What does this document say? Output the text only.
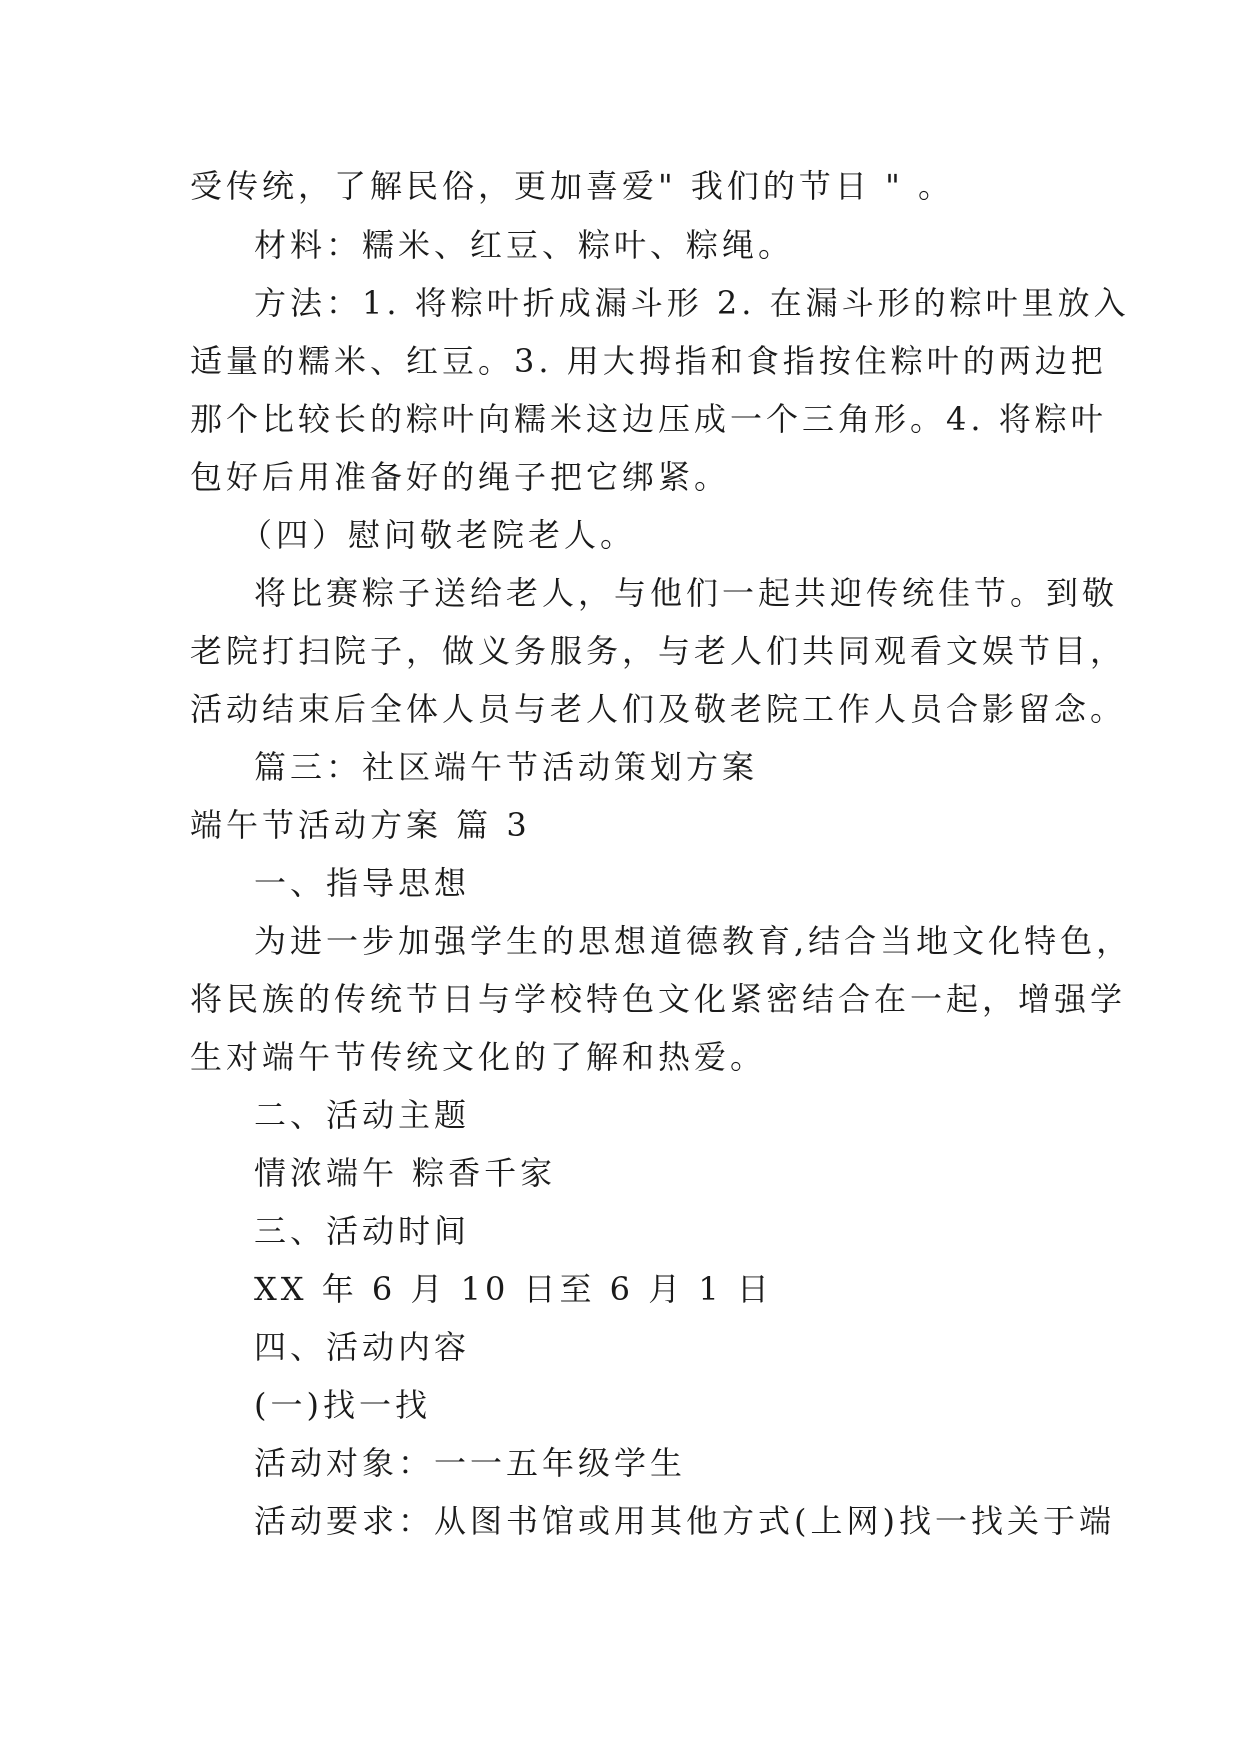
受传统，了解民俗，更加喜爱" 我们的节日 " 。
材料：糯米、红豆、粽叶、粽绳。
方法：1. 将粽叶折成漏斗形 2. 在漏斗形的粽叶里放入
适量的糯米、红豆。3. 用大拇指和食指按住粽叶的两边把
那个比较长的粽叶向糯米这边压成一个三角形。4. 将粽叶
包好后用准备好的绳子把它绑紧。
（四）慰问敬老院老人。
将比赛粽子送给老人，与他们一起共迎传统佳节。到敬
老院打扫院子，做义务服务，与老人们共同观看文娱节目，
活动结束后全体人员与老人们及敬老院工作人员合影留念。
篇三：社区端午节活动策划方案
端午节活动方案 篇 3
一、指导思想
为进一步加强学生的思想道德教育,结合当地文化特色，
将民族的传统节日与学校特色文化紧密结合在一起，增强学
生对端午节传统文化的了解和热爱。
二、活动主题
情浓端午 粽香千家
三、活动时间
XX 年 6 月 10 日至 6 月 1 日
四、活动内容
(一)找一找
活动对象：一一五年级学生
活动要求：从图书馆或用其他方式(上网)找一找关于端
